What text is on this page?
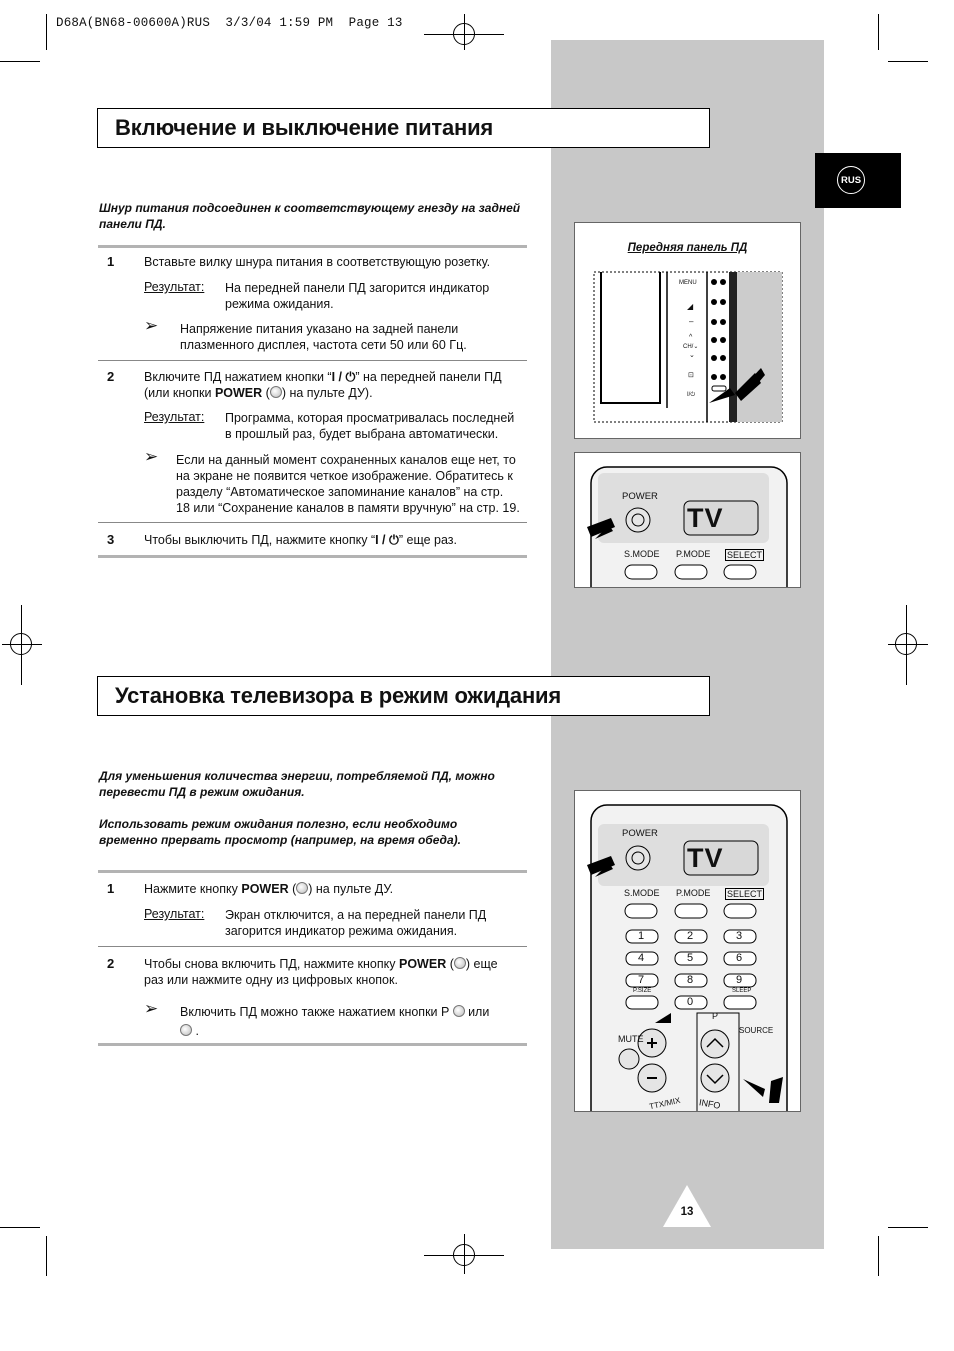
D68A(BN68-00600A)RUS  3/3/04 1:59 PM  Page 13
RUS
Включение и выключение питания
Шнур питания подсоединен к соответствующему гнезду на задней
панели ПД.
1 Вставьте вилку шнура питания в соответствующую розетку.
Результат: На передней панели ПД загорится индикатор
режима ожидания.
➢ Напряжение питания указано на задней панели
плазменного дисплея, частота сети 50 или 60 Гц.
2 Включите ПД нажатием кнопки “I / ⏻” на передней панели ПД
(или кнопки POWER ( ) на пульте ДУ).
Результат: Программа, которая просматривалась последней
в прошлый раз, будет выбрана автоматически.
➢ Если на данный момент сохраненных каналов еще нет, то
на экране не появится четкое изображение. Обратитесь к
разделу “Автоматическое запоминание каналов” на стр.
18 или “Сохранение каналов в памяти вручную” на стр. 19.
3 Чтобы выключить ПД, нажмите кнопку “I / ⏻” еще раз.
Передняя панель ПД
MENU
◢
–
^
CH/⌄
⌄
⊡
I/⏻
POWER
TV
S.MODE P.MODE SELECT
Установка телевизора в режим ожидания
Для уменьшения количества энергии, потребляемой ПД, можно
перевести ПД в режим ожидания.
Использовать режим ожидания полезно, если необходимо
временно прервать просмотр (например, на время обеда).
1 Нажмите кнопку POWER ( ) на пульте ДУ.
Результат: Экран отключится, а на передней панели ПД
загорится индикатор режима ожидания.
2 Чтобы снова включить ПД, нажмите кнопку POWER ( ) еще
раз или нажмите одну из цифровых кнопок.
➢ Включить ПД можно также нажатием кнопки P или
.
POWER
TV
S.MODE P.MODE SELECT
1	2	3
4	5	6
7	8	9
0
P.SIZE	SLEEP
MUTE
P
SOURCE
TTX/MIX INFO
13
